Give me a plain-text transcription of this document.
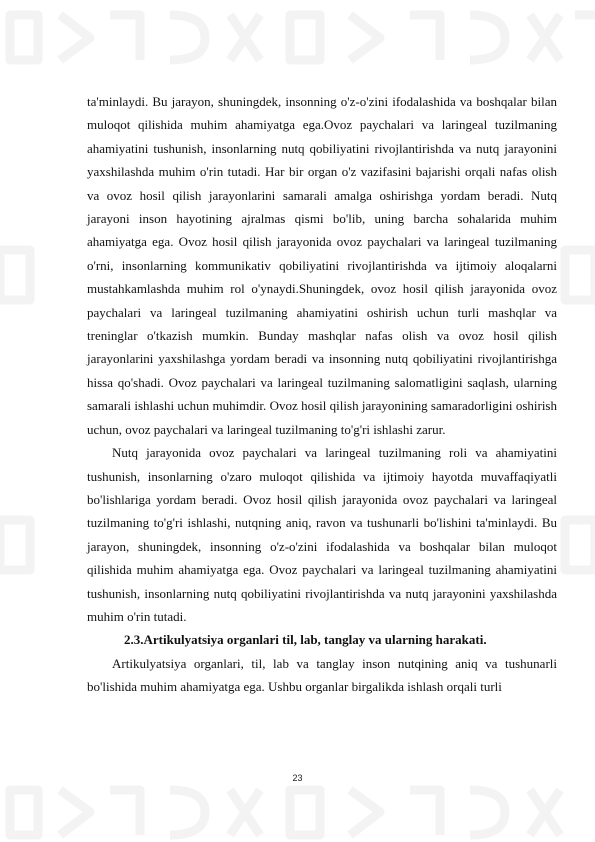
ta'minlaydi. Bu jarayon, shuningdek, insonning o'z-o'zini ifodalashida va boshqalar bilan muloqot qilishida muhim ahamiyatga ega.Ovoz paychalari va laringeal tuzilmaning ahamiyatini tushunish, insonlarning nutq qobiliyatini rivojlantirishda va nutq jarayonini yaxshilashda muhim o'rin tutadi. Har bir organ o'z vazifasini bajarishi orqali nafas olish va ovoz hosil qilish jarayonlarini samarali amalga oshirishga yordam beradi. Nutq jarayoni inson hayotining ajralmas qismi bo'lib, uning barcha sohalarida muhim ahamiyatga ega. Ovoz hosil qilish jarayonida ovoz paychalari va laringeal tuzilmaning o'rni, insonlarning kommunikativ qobiliyatini rivojlantirishda va ijtimoiy aloqalarni mustahkamlashda muhim rol o'ynaydi.Shuningdek, ovoz hosil qilish jarayonida ovoz paychalari va laringeal tuzilmaning ahamiyatini oshirish uchun turli mashqlar va treninglar o'tkazish mumkin. Bunday mashqlar nafas olish va ovoz hosil qilish jarayonlarini yaxshilashga yordam beradi va insonning nutq qobiliyatini rivojlantirishga hissa qo'shadi. Ovoz paychalari va laringeal tuzilmaning salomatligini saqlash, ularning samarali ishlashi uchun muhimdir. Ovoz hosil qilish jarayonining samaradorligini oshirish uchun, ovoz paychalari va laringeal tuzilmaning to'g'ri ishlashi zarur.

Nutq jarayonida ovoz paychalari va laringeal tuzilmaning roli va ahamiyatini tushunish, insonlarning o'zaro muloqot qilishida va ijtimoiy hayotda muvaffaqiyatli bo'lishlariga yordam beradi. Ovoz hosil qilish jarayonida ovoz paychalari va laringeal tuzilmaning to'g'ri ishlashi, nutqning aniq, ravon va tushunarli bo'lishini ta'minlaydi. Bu jarayon, shuningdek, insonning o'z-o'zini ifodalashida va boshqalar bilan muloqot qilishida muhim ahamiyatga ega. Ovoz paychalari va laringeal tuzilmaning ahamiyatini tushunish, insonlarning nutq qobiliyatini rivojlantirishda va nutq jarayonini yaxshilashda muhim o'rin tutadi.

2.3.Artikulyatsiya organlari til, lab, tanglay va ularning harakati.

Artikulyatsiya organlari, til, lab va tanglay inson nutqining aniq va tushunarli bo'lishida muhim ahamiyatga ega. Ushbu organlar birgalikda ishlash orqali turli

23
